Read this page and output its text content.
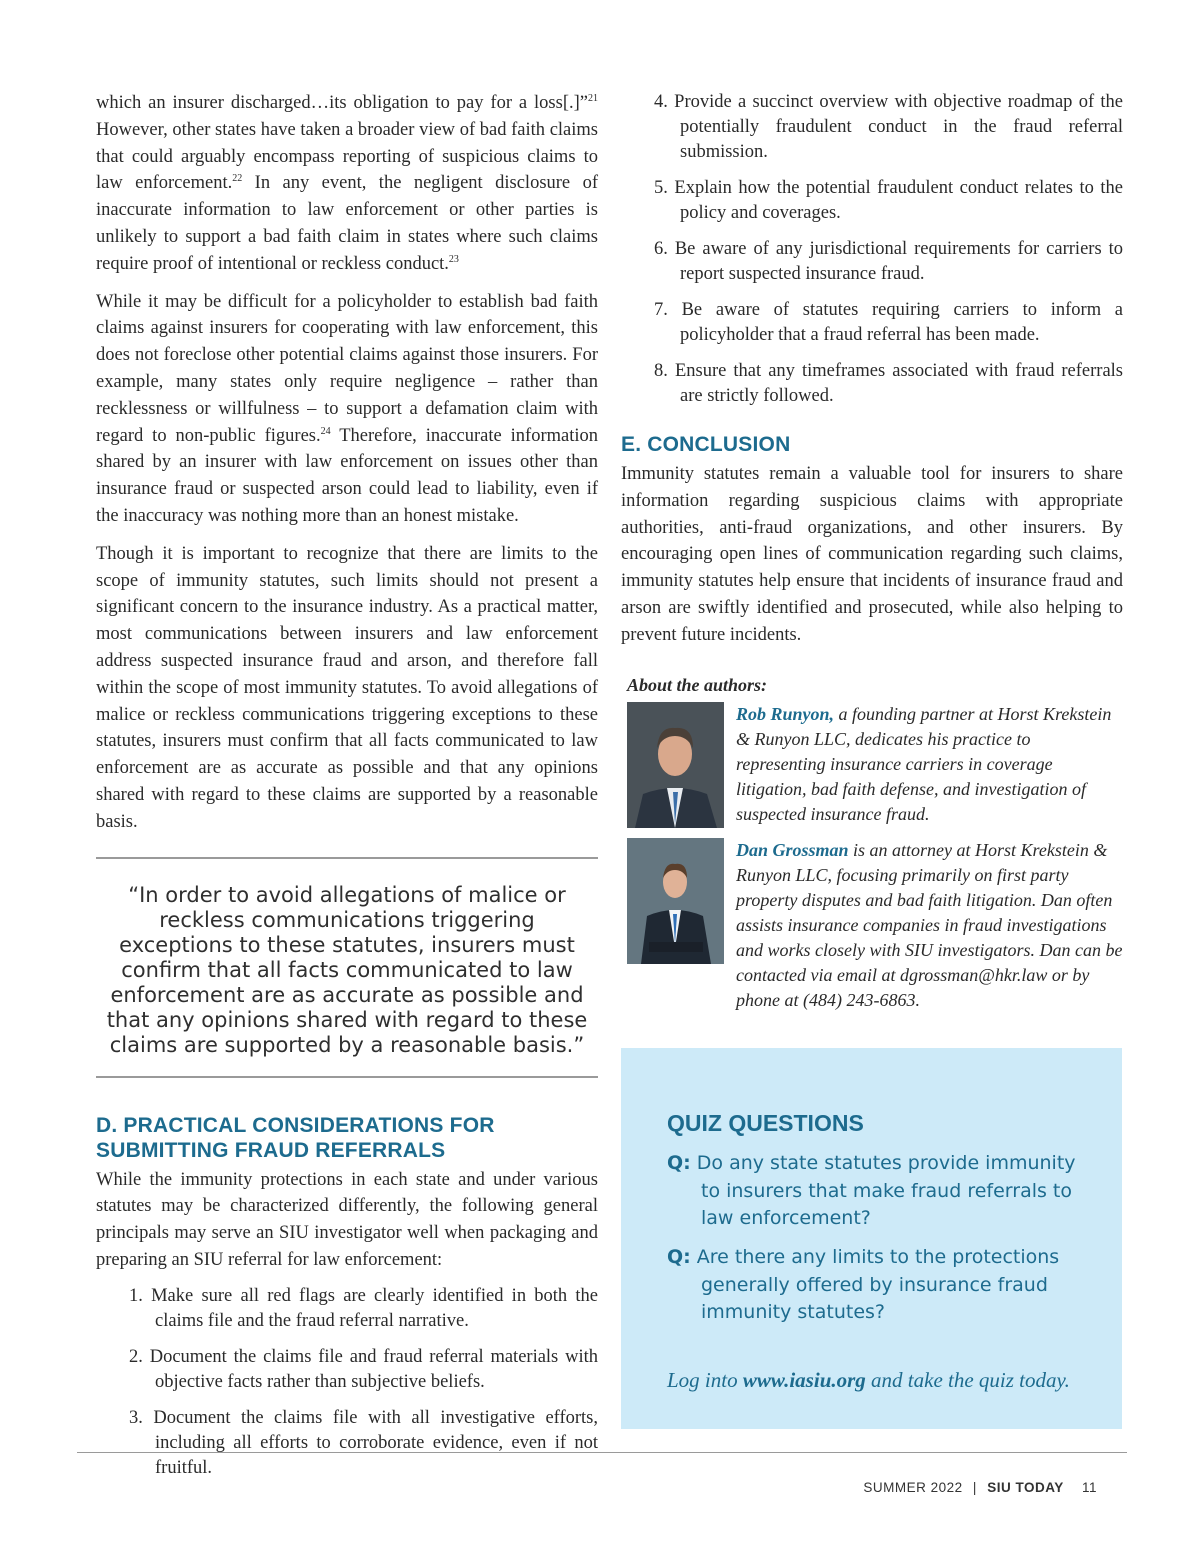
which an insurer discharged…its obligation to pay for a loss[.]”$^{21}$ However, other states have taken a broader view of bad faith claims that could arguably encompass reporting of suspicious claims to law enforcement.$^{22}$ In any event, the negligent disclosure of inaccurate information to law enforcement or other parties is unlikely to support a bad faith claim in states where such claims require proof of intentional or reckless conduct.$^{23}$

While it may be difficult for a policyholder to establish bad faith claims against insurers for cooperating with law enforcement, this does not foreclose other potential claims against those insurers. For example, many states only require negligence – rather than recklessness or willfulness – to support a defamation claim with regard to non-public figures.$^{24}$ Therefore, inaccurate information shared by an insurer with law enforcement on issues other than insurance fraud or suspected arson could lead to liability, even if the inaccuracy was nothing more than an honest mistake.

Though it is important to recognize that there are limits to the scope of immunity statutes, such limits should not present a significant concern to the insurance industry. As a practical matter, most communications between insurers and law enforcement address suspected insurance fraud and arson, and therefore fall within the scope of most immunity statutes. To avoid allegations of malice or reckless communications triggering exceptions to these statutes, insurers must confirm that all facts communicated to law enforcement are as accurate as possible and that any opinions shared with regard to these claims are supported by a reasonable basis.

“In order to avoid allegations of malice or reckless communications triggering exceptions to these statutes, insurers must confirm that all facts communicated to law enforcement are as accurate as possible and that any opinions shared with regard to these claims are supported by a reasonable basis.”
D. PRACTICAL CONSIDERATIONS FOR SUBMITTING FRAUD REFERRALS

While the immunity protections in each state and under various statutes may be characterized differently, the following general principals may serve an SIU investigator well when packaging and preparing an SIU referral for law enforcement:

1. Make sure all red flags are clearly identified in both the claims file and the fraud referral narrative.
2. Document the claims file and fraud referral materials with objective facts rather than subjective beliefs.
3. Document the claims file with all investigative efforts, including all efforts to corroborate evidence, even if not fruitful.
4. Provide a succinct overview with objective roadmap of the potentially fraudulent conduct in the fraud referral submission.
5. Explain how the potential fraudulent conduct relates to the policy and coverages.
6. Be aware of any jurisdictional requirements for carriers to report suspected insurance fraud.
7. Be aware of statutes requiring carriers to inform a policyholder that a fraud referral has been made.
8. Ensure that any timeframes associated with fraud referrals are strictly followed.
E. CONCLUSION

Immunity statutes remain a valuable tool for insurers to share information regarding suspicious claims with appropriate authorities, anti-fraud organizations, and other insurers. By encouraging open lines of communication regarding such claims, immunity statutes help ensure that incidents of insurance fraud and arson are swiftly identified and prosecuted, while also helping to prevent future incidents.

About the authors:
Rob Runyon, a founding partner at Horst Krekstein & Runyon LLC, dedicates his practice to representing insurance carriers in coverage litigation, bad faith defense, and investigation of suspected insurance fraud.
Dan Grossman is an attorney at Horst Krekstein & Runyon LLC, focusing primarily on first party property disputes and bad faith litigation. Dan often assists insurance companies in fraud investigations and works closely with SIU investigators. Dan can be contacted via email at dgrossman@hkr.law or by phone at (484) 243-6863.
QUIZ QUESTIONS
Q: Do any state statutes provide immunity to insurers that make fraud referrals to law enforcement?
Q: Are there any limits to the protections generally offered by insurance fraud immunity statutes?
Log into www.iasiu.org and take the quiz today.
SUMMER 2022 | SIU TODAY 11
